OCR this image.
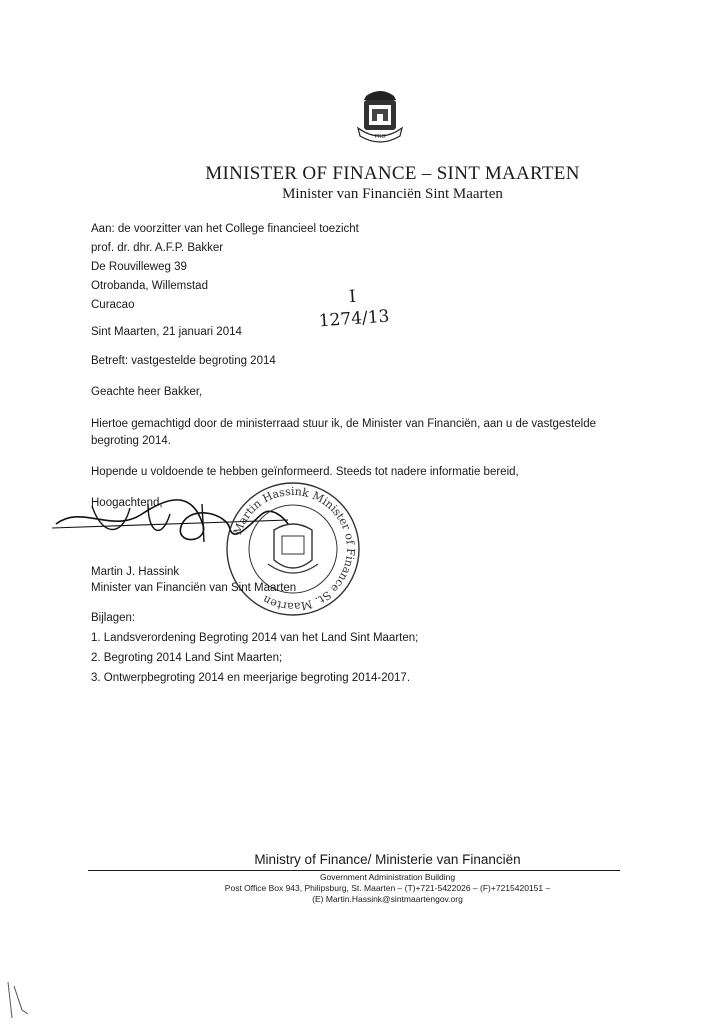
PRO
MINISTER OF FINANCE – SINT MAARTEN
Minister van Financiën Sint Maarten
Aan: de voorzitter van het College financieel toezicht
prof. dr. dhr. A.F.P. Bakker
De Rouvilleweg 39
Otrobanda, Willemstad
Curacao	I
1274/13
Sint Maarten, 21 januari 2014
Betreft: vastgestelde begroting 2014
Geachte heer Bakker,
Hiertoe gemachtigd door de ministerraad stuur ik, de Minister van Financiën, aan u de vastgestelde
begroting 2014.
Hopende u voldoende te hebben geïnformeerd. Steeds tot nadere informatie bereid,
Hoogachtend,
Martin Hassink Minister of Finance St. Maarten
Martin J. Hassink
Minister van Financiën van Sint Maarten
Bijlagen:
1. Landsverordening Begroting 2014 van het Land Sint Maarten;
2. Begroting 2014 Land Sint Maarten;
3. Ontwerpbegroting 2014 en meerjarige begroting 2014-2017.
Ministry of Finance/ Ministerie van Financiën
Government Administration Building
Post Office Box 943, Philipsburg, St. Maarten – (T)+721-5422026 – (F)+7215420151 –
(E) Martin.Hassink@sintmaartengov.org
